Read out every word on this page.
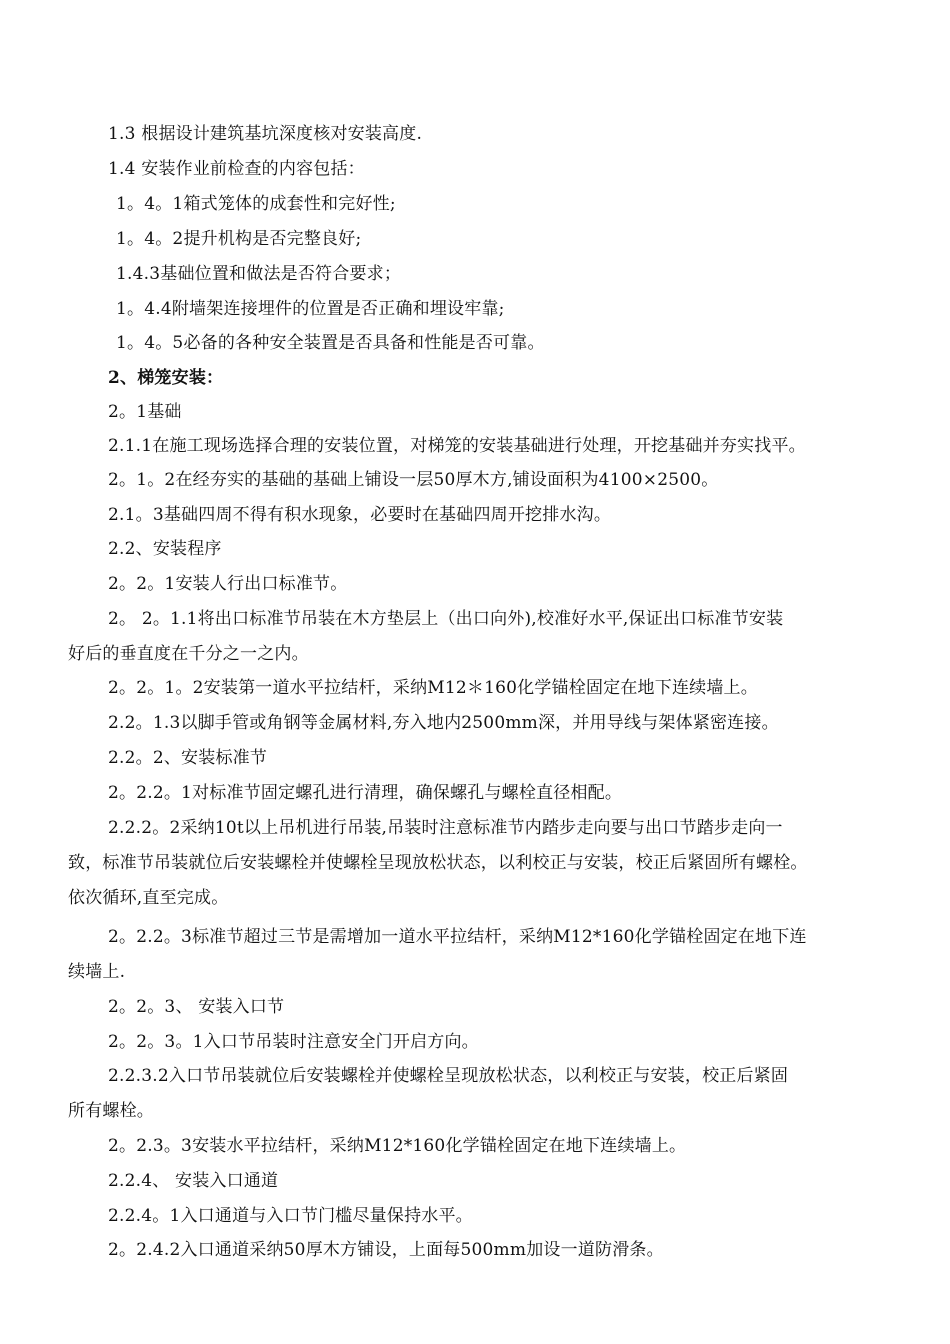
1.3 根据设计建筑基坑深度核对安装高度.
1.4 安装作业前检查的内容包括：
1。4。1箱式笼体的成套性和完好性;
1。4。2提升机构是否完整良好;
1.4.3基础位置和做法是否符合要求；
1。4.4附墙架连接埋件的位置是否正确和埋设牢靠;
1。4。5必备的各种安全装置是否具备和性能是否可靠。
2、梯笼安装：
2。1基础
2.1.1在施工现场选择合理的安装位置，对梯笼的安装基础进行处理，开挖基础并夯实找平。
2。1。2在经夯实的基础的基础上铺设一层50厚木方,铺设面积为4100×2500。
2.1。3基础四周不得有积水现象，必要时在基础四周开挖排水沟。
2.2、安装程序
2。2。1安装人行出口标准节。
2。 2。1.1将出口标准节吊装在木方垫层上（出口向外),校准好水平,保证出口标准节安装
好后的垂直度在千分之一之内。
2。2。1。2安装第一道水平拉结杆，采纳M12＊160化学锚栓固定在地下连续墙上。
2.2。1.3以脚手管或角钢等金属材料,夯入地内2500mm深，并用导线与架体紧密连接。
2.2。2、安装标准节
2。2.2。1对标准节固定螺孔进行清理，确保螺孔与螺栓直径相配。
2.2.2。2采纳10t以上吊机进行吊装,吊装时注意标准节内踏步走向要与出口节踏步走向一
致，标准节吊装就位后安装螺栓并使螺栓呈现放松状态，以利校正与安装，校正后紧固所有螺栓。
依次循环,直至完成。
2。2.2。3标准节超过三节是需增加一道水平拉结杆，采纳M12*160化学锚栓固定在地下连
续墙上.
2。2。3、 安装入口节
2。2。3。1入口节吊装时注意安全门开启方向。
2.2.3.2入口节吊装就位后安装螺栓并使螺栓呈现放松状态，以利校正与安装，校正后紧固
所有螺栓。
2。2.3。3安装水平拉结杆，采纳M12*160化学锚栓固定在地下连续墙上。
2.2.4、 安装入口通道
2.2.4。1入口通道与入口节门槛尽量保持水平。
2。2.4.2入口通道采纳50厚木方铺设，上面每500mm加设一道防滑条。
